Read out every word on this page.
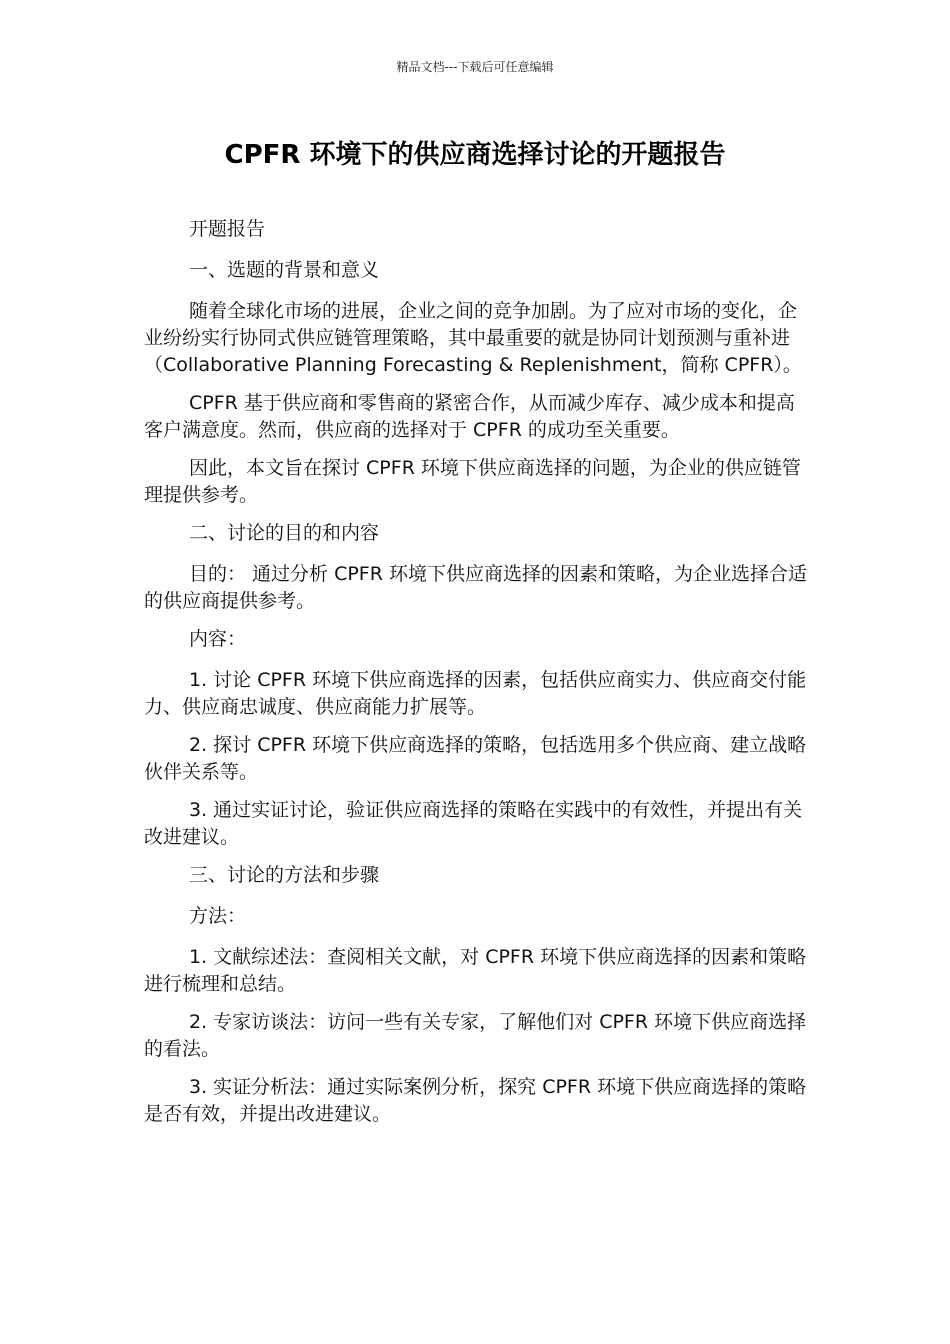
精品文档---下载后可任意编辑
CPFR 环境下的供应商选择讨论的开题报告

开题报告

一、选题的背景和意义

随着全球化市场的进展，企业之间的竞争加剧。为了应对市场的变化，企业纷纷实行协同式供应链管理策略，其中最重要的就是协同计划预测与重补进（Collaborative Planning Forecasting & Replenishment，简称 CPFR）。

CPFR 基于供应商和零售商的紧密合作，从而减少库存、减少成本和提高客户满意度。然而，供应商的选择对于 CPFR 的成功至关重要。

因此，本文旨在探讨 CPFR 环境下供应商选择的问题，为企业的供应链管理提供参考。

二、讨论的目的和内容

目的： 通过分析 CPFR 环境下供应商选择的因素和策略，为企业选择合适的供应商提供参考。

内容：

1. 讨论 CPFR 环境下供应商选择的因素，包括供应商实力、供应商交付能力、供应商忠诚度、供应商能力扩展等。

2. 探讨 CPFR 环境下供应商选择的策略，包括选用多个供应商、建立战略伙伴关系等。

3. 通过实证讨论，验证供应商选择的策略在实践中的有效性，并提出有关改进建议。

三、讨论的方法和步骤

方法：

1. 文献综述法：查阅相关文献，对 CPFR 环境下供应商选择的因素和策略进行梳理和总结。

2. 专家访谈法：访问一些有关专家，了解他们对 CPFR 环境下供应商选择的看法。

3. 实证分析法：通过实际案例分析，探究 CPFR 环境下供应商选择的策略是否有效，并提出改进建议。
